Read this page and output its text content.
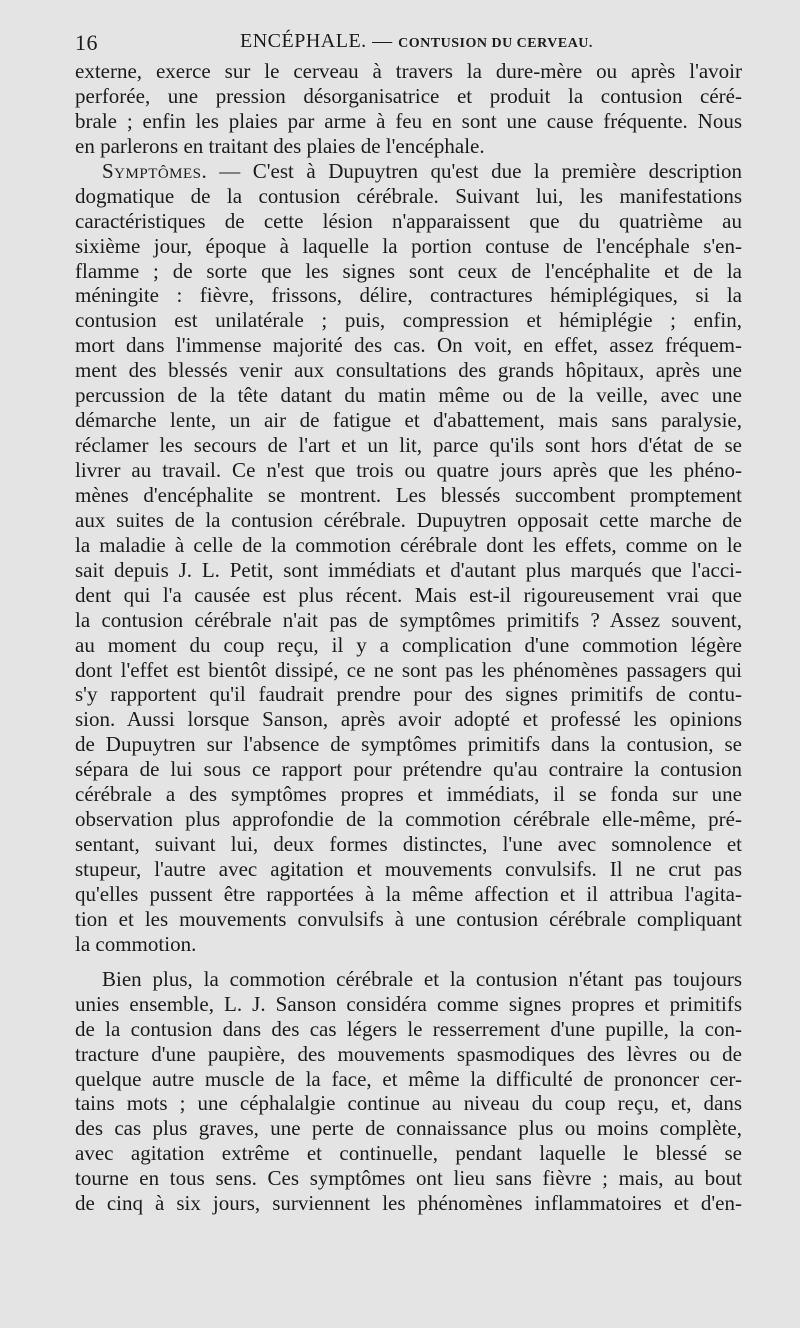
16	ENCÉPHALE. — CONTUSION DU CERVEAU.
externe, exerce sur le cerveau à travers la dure-mère ou après l'avoir
perforée, une pression désorganisatrice et produit la contusion céré-
brale ; enfin les plaies par arme à feu en sont une cause fréquente. Nous
en parlerons en traitant des plaies de l'encéphale.
Symptômes. — C'est à Dupuytren qu'est due la première description
dogmatique de la contusion cérébrale. Suivant lui, les manifestations
caractéristiques de cette lésion n'apparaissent que du quatrième au
sixième jour, époque à laquelle la portion contuse de l'encéphale s'en-
flamme ; de sorte que les signes sont ceux de l'encéphalite et de la
méningite : fièvre, frissons, délire, contractures hémiplégiques, si la
contusion est unilatérale ; puis, compression et hémiplégie ; enfin,
mort dans l'immense majorité des cas. On voit, en effet, assez fréquem-
ment des blessés venir aux consultations des grands hôpitaux, après une
percussion de la tête datant du matin même ou de la veille, avec une
démarche lente, un air de fatigue et d'abattement, mais sans paralysie,
réclamer les secours de l'art et un lit, parce qu'ils sont hors d'état de se
livrer au travail. Ce n'est que trois ou quatre jours après que les phéno-
mènes d'encéphalite se montrent. Les blessés succombent promptement
aux suites de la contusion cérébrale. Dupuytren opposait cette marche de
la maladie à celle de la commotion cérébrale dont les effets, comme on le
sait depuis J. L. Petit, sont immédiats et d'autant plus marqués que l'acci-
dent qui l'a causée est plus récent. Mais est-il rigoureusement vrai que
la contusion cérébrale n'ait pas de symptômes primitifs ? Assez souvent,
au moment du coup reçu, il y a complication d'une commotion légère
dont l'effet est bientôt dissipé, ce ne sont pas les phénomènes passagers qui
s'y rapportent qu'il faudrait prendre pour des signes primitifs de contu-
sion. Aussi lorsque Sanson, après avoir adopté et professé les opinions
de Dupuytren sur l'absence de symptômes primitifs dans la contusion, se
sépara de lui sous ce rapport pour prétendre qu'au contraire la contusion
cérébrale a des symptômes propres et immédiats, il se fonda sur une
observation plus approfondie de la commotion cérébrale elle-même, pré-
sentant, suivant lui, deux formes distinctes, l'une avec somnolence et
stupeur, l'autre avec agitation et mouvements convulsifs. Il ne crut pas
qu'elles pussent être rapportées à la même affection et il attribua l'agita-
tion et les mouvements convulsifs à une contusion cérébrale compliquant
la commotion.
Bien plus, la commotion cérébrale et la contusion n'étant pas toujours
unies ensemble, L. J. Sanson considéra comme signes propres et primitifs
de la contusion dans des cas légers le resserrement d'une pupille, la con-
tracture d'une paupière, des mouvements spasmodiques des lèvres ou de
quelque autre muscle de la face, et même la difficulté de prononcer cer-
tains mots ; une céphalalgie continue au niveau du coup reçu, et, dans
des cas plus graves, une perte de connaissance plus ou moins complète,
avec agitation extrême et continuelle, pendant laquelle le blessé se
tourne en tous sens. Ces symptômes ont lieu sans fièvre ; mais, au bout
de cinq à six jours, surviennent les phénomènes inflammatoires et d'en-
